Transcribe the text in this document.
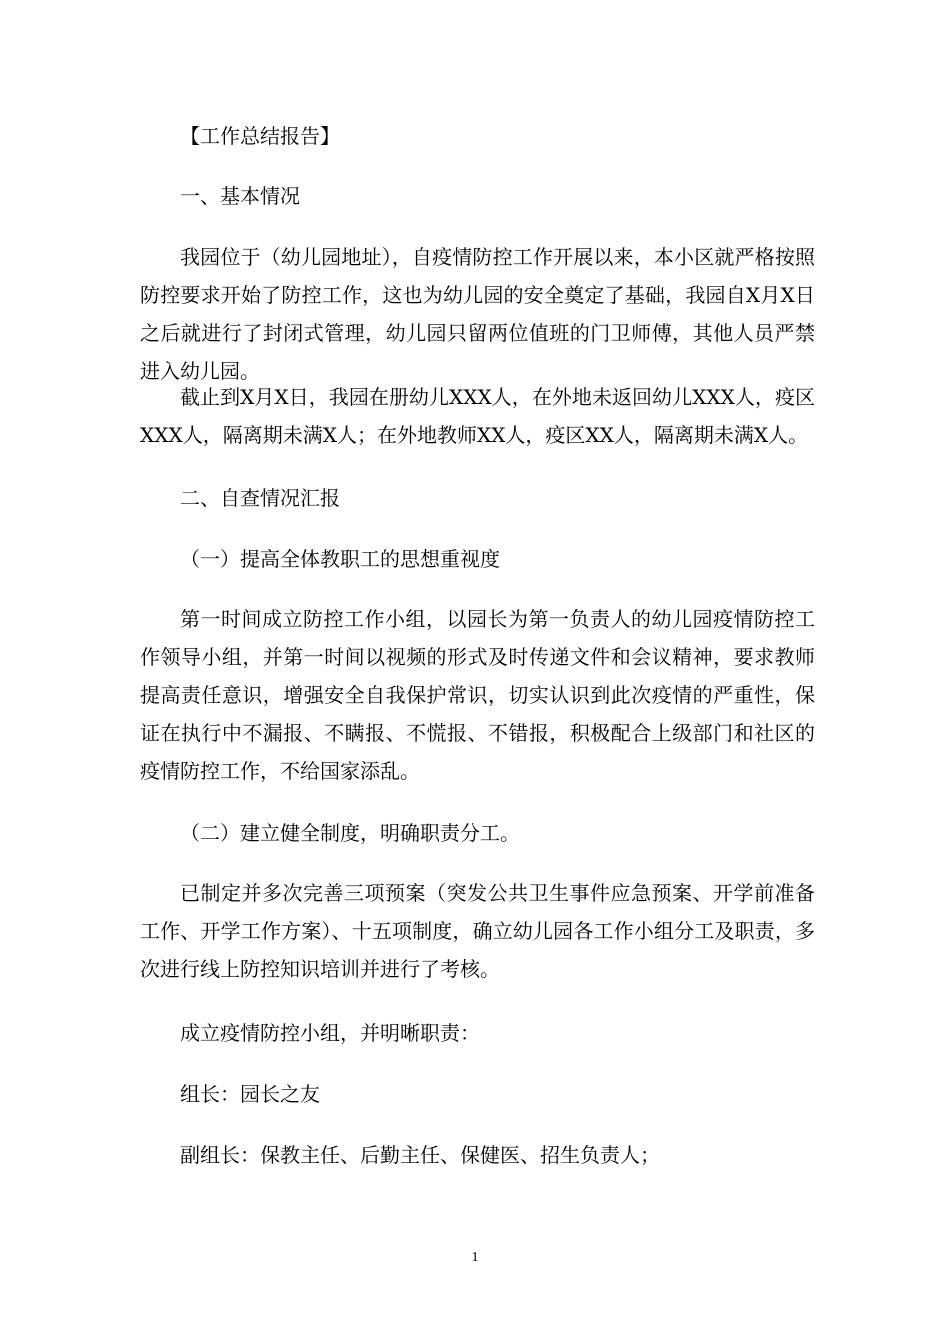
【工作总结报告】

一、基本情况

我园位于（幼儿园地址），自疫情防控工作开展以来，本小区就严格按照防控要求开始了防控工作，这也为幼儿园的安全奠定了基础，我园自X月X日之后就进行了封闭式管理，幼儿园只留两位值班的门卫师傅，其他人员严禁进入幼儿园。

截止到X月X日，我园在册幼儿XXX人，在外地未返回幼儿XXX人，疫区XXX人，隔离期未满X人；在外地教师XX人，疫区XX人，隔离期未满X人。

二、自查情况汇报

（一）提高全体教职工的思想重视度

第一时间成立防控工作小组，以园长为第一负责人的幼儿园疫情防控工作领导小组，并第一时间以视频的形式及时传递文件和会议精神，要求教师提高责任意识，增强安全自我保护常识，切实认识到此次疫情的严重性，保证在执行中不漏报、不瞒报、不慌报、不错报，积极配合上级部门和社区的疫情防控工作，不给国家添乱。

（二）建立健全制度，明确职责分工。

已制定并多次完善三项预案（突发公共卫生事件应急预案、开学前准备工作、开学工作方案）、十五项制度，确立幼儿园各工作小组分工及职责，多次进行线上防控知识培训并进行了考核。

成立疫情防控小组，并明晰职责：

组长：园长之友

副组长：保教主任、后勤主任、保健医、招生负责人；

1
